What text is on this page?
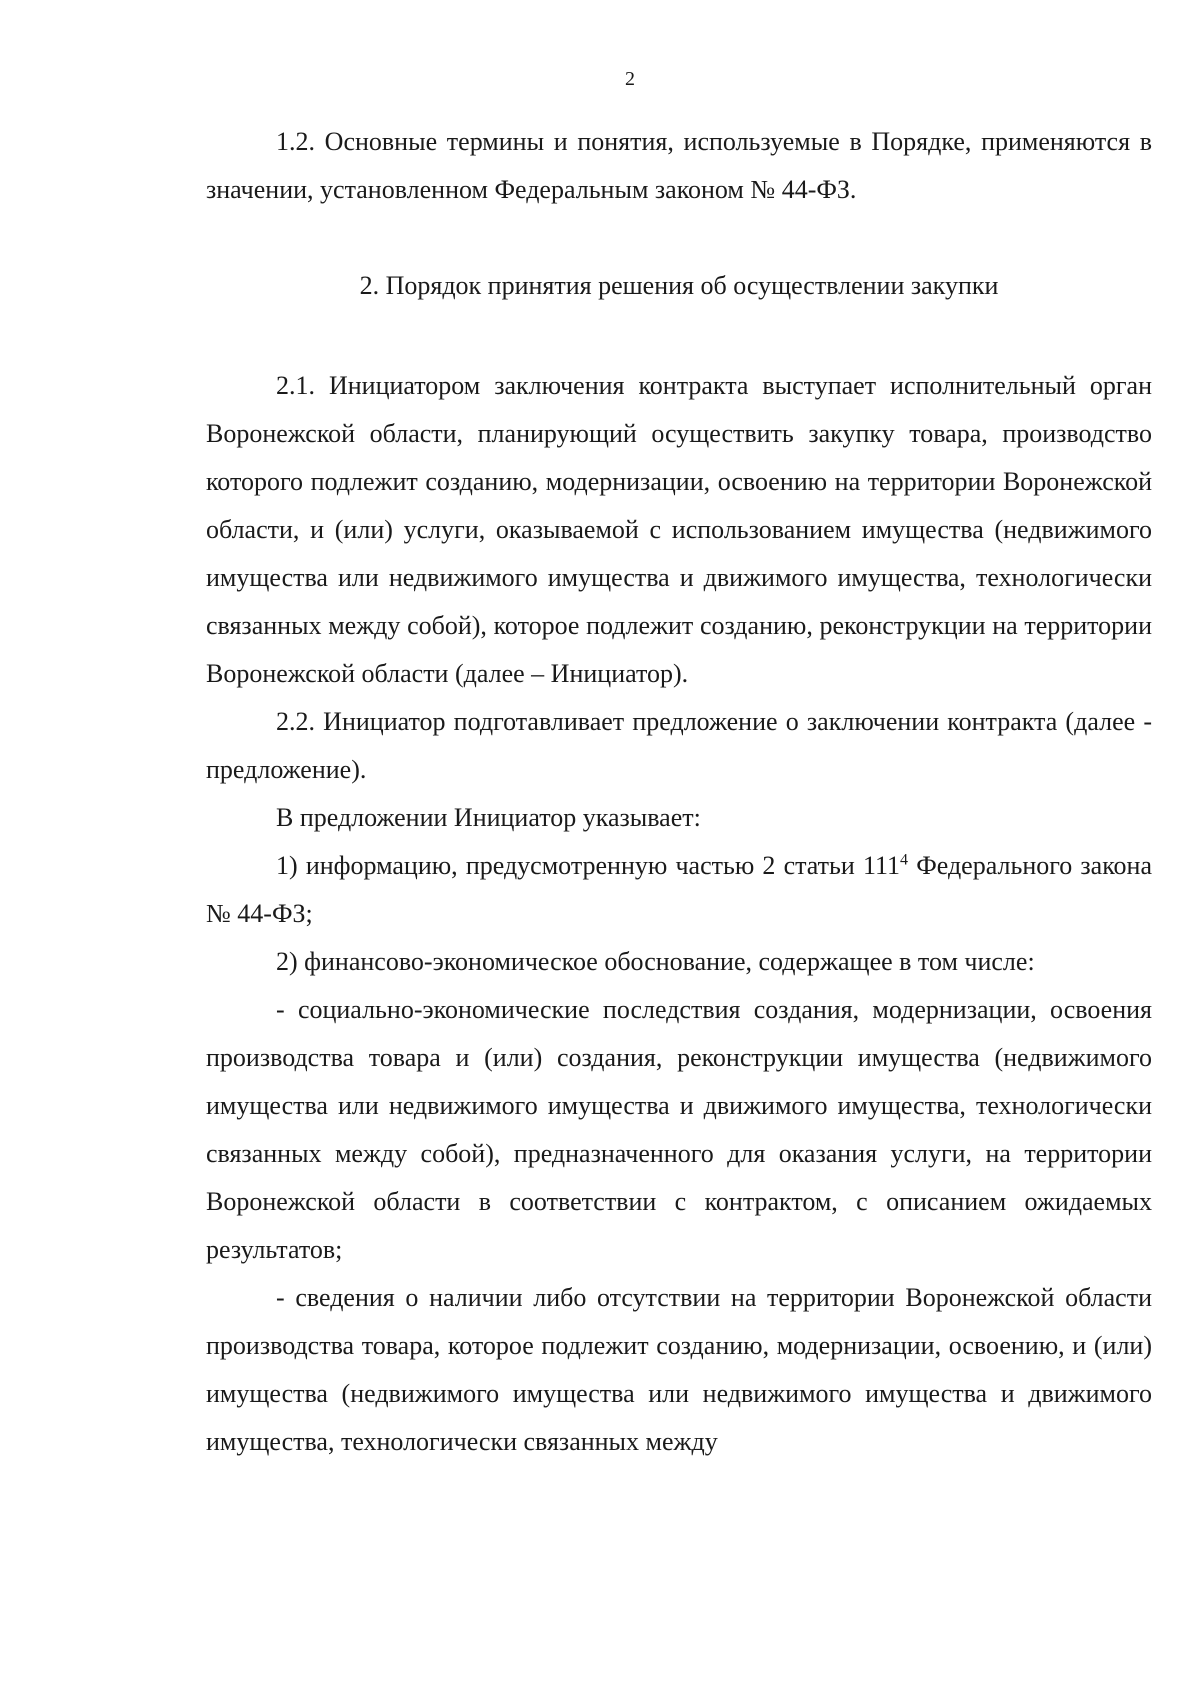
2

1.2. Основные термины и понятия, используемые в Порядке, применяются в значении, установленном Федеральным законом № 44-ФЗ.

2. Порядок принятия решения об осуществлении закупки

2.1. Инициатором заключения контракта выступает исполнительный орган Воронежской области, планирующий осуществить закупку товара, производство которого подлежит созданию, модернизации, освоению на территории Воронежской области, и (или) услуги, оказываемой с использованием имущества (недвижимого имущества или недвижимого имущества и движимого имущества, технологически связанных между собой), которое подлежит созданию, реконструкции на территории Воронежской области (далее – Инициатор).

2.2. Инициатор подготавливает предложение о заключении контракта (далее - предложение).

В предложении Инициатор указывает:

1) информацию, предусмотренную частью 2 статьи $111^4$ Федерального закона № 44-ФЗ;

2) финансово-экономическое обоснование, содержащее в том числе:

- социально-экономические последствия создания, модернизации, освоения производства товара и (или) создания, реконструкции имущества (недвижимого имущества или недвижимого имущества и движимого имущества, технологически связанных между собой), предназначенного для оказания услуги, на территории Воронежской области в соответствии с контрактом, с описанием ожидаемых результатов;

- сведения о наличии либо отсутствии на территории Воронежской области производства товара, которое подлежит созданию, модернизации, освоению, и (или) имущества (недвижимого имущества или недвижимого имущества и движимого имущества, технологически связанных между
